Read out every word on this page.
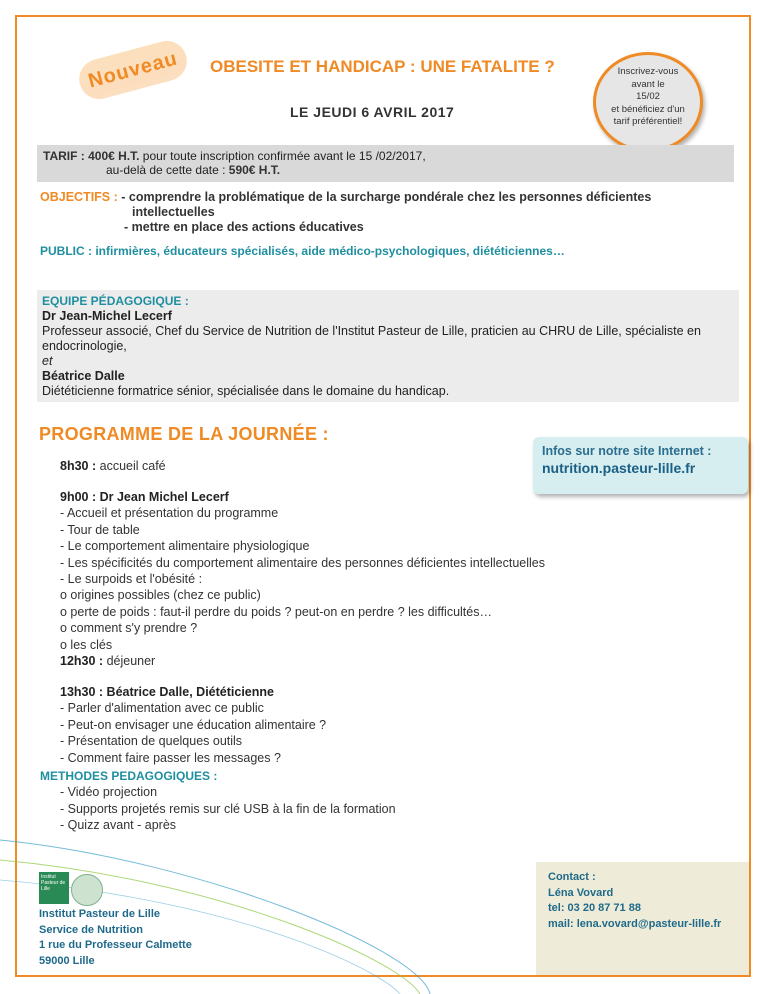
Nouveau	OBESITE ET HANDICAP : UNE FATALITE ?
LE JEUDI 6 AVRIL 2017
Inscrivez-vous
avant le
15/02
et bénéficiez d'un
tarif préférentiel!
TARIF : 400€ H.T. pour toute inscription confirmée avant le 15 /02/2017,
au-delà de cette date : 590€ H.T.
OBJECTIFS : - comprendre la problématique de la surcharge pondérale chez les personnes déficientes
intellectuelles
- mettre en place des actions éducatives
PUBLIC : infirmières, éducateurs spécialisés, aide médico-psychologiques, diététiciennes…
EQUIPE PÉDAGOGIQUE :
Dr Jean-Michel Lecerf
Professeur associé, Chef du Service de Nutrition de l'Institut Pasteur de Lille, praticien au CHRU de Lille, spécialiste en endocrinologie,
et
Béatrice Dalle
Diététicienne formatrice sénior, spécialisée dans le domaine du handicap.
PROGRAMME DE LA JOURNÉE :
Infos sur notre site Internet :
nutrition.pasteur-lille.fr
8h30 : accueil café
9h00 : Dr Jean Michel Lecerf
- Accueil et présentation du programme
- Tour de table
- Le comportement alimentaire physiologique
- Les spécificités du comportement alimentaire des personnes déficientes intellectuelles
- Le surpoids et l'obésité :
o origines possibles (chez ce public)
o perte de poids : faut-il perdre du poids ? peut-on en perdre ? les difficultés…
o comment s'y prendre ?
o les clés
12h30 : déjeuner
13h30 : Béatrice Dalle, Diététicienne
- Parler d'alimentation avec ce public
- Peut-on envisager une éducation alimentaire ?
- Présentation de quelques outils
- Comment faire passer les messages ?
METHODES PEDAGOGIQUES :
- Vidéo projection
- Supports projetés remis sur clé USB à la fin de la formation
- Quizz avant - après
Institut Pasteur de Lille
Institut Pasteur de Lille
Service de Nutrition
1 rue du Professeur Calmette
59000 Lille
Contact :
Léna Vovard
tel: 03 20 87 71 88
mail: lena.vovard@pasteur-lille.fr
